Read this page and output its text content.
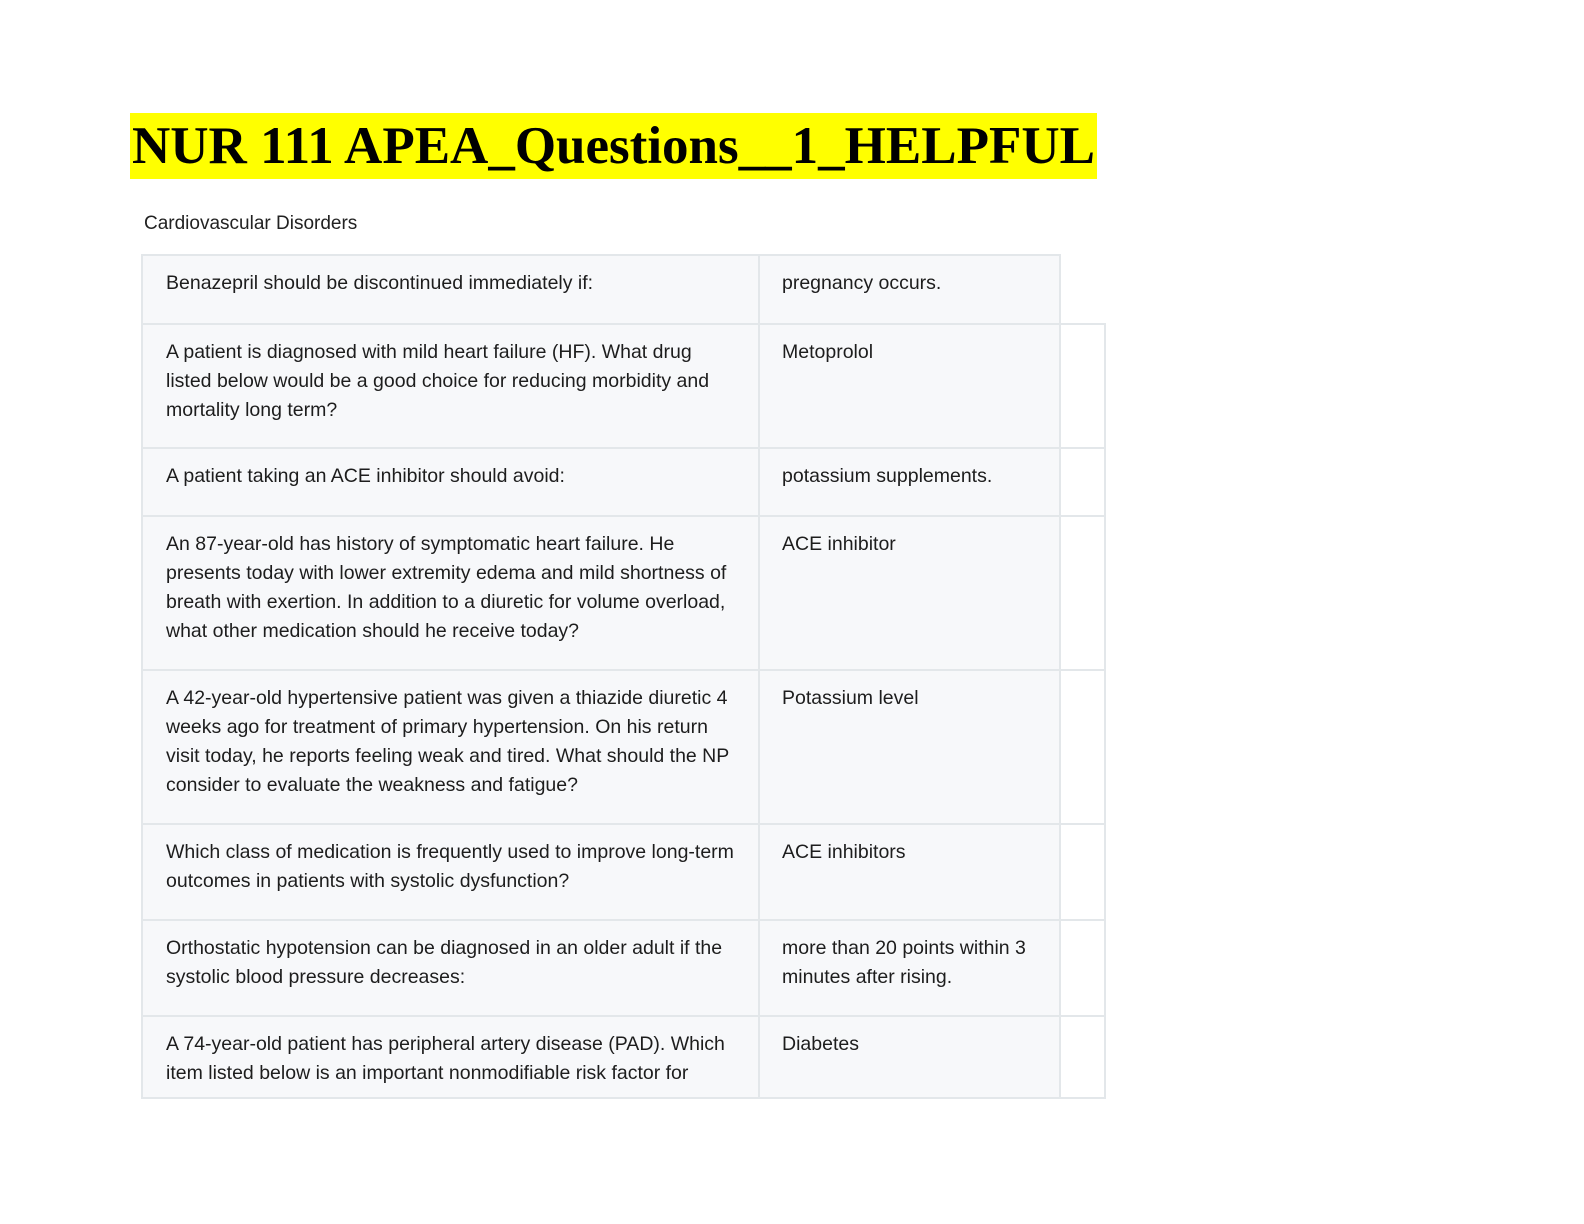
NUR 111 APEA_Questions__1_HELPFUL
Cardiovascular Disorders
Benazepril should be discontinued immediately if:	pregnancy occurs.
A patient is diagnosed with mild heart failure (HF). What drug listed below would be a good choice for reducing morbidity and mortality long term?
Metoprolol
A patient taking an ACE inhibitor should avoid:	potassium supplements.
An 87-year-old has history of symptomatic heart failure. He presents today with lower extremity edema and mild shortness of breath with exertion. In addition to a diuretic for volume overload, what other medication should he receive today?
ACE inhibitor
A 42-year-old hypertensive patient was given a thiazide diuretic 4 weeks ago for treatment of primary hypertension. On his return visit today, he reports feeling weak and tired. What should the NP consider to evaluate the weakness and fatigue?
Potassium level
Which class of medication is frequently used to improve long-term outcomes in patients with systolic dysfunction?
ACE inhibitors
Orthostatic hypotension can be diagnosed in an older adult if the systolic blood pressure decreases:
more than 20 points within 3 minutes after rising.
A 74-year-old patient has peripheral artery disease (PAD). Which item listed below is an important nonmodifiable risk factor for
Diabetes
